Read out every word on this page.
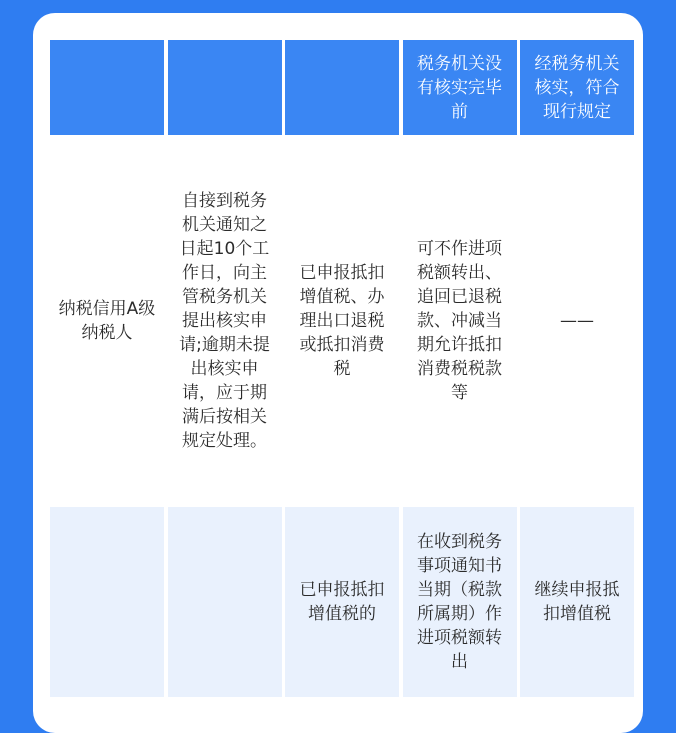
税务机关没有核实完毕前
经税务机关核实，符合现行规定
纳税信用A级纳税人
自接到税务机关通知之日起10个工作日，向主管税务机关提出核实申请;逾期未提出核实申请，应于期满后按相关规定处理。
已申报抵扣增值税、办理出口退税或抵扣消费税
可不作进项税额转出、追回已退税款、冲减当期允许抵扣消费税税款等
——
已申报抵扣增值税的
在收到税务事项通知书当期（税款所属期）作进项税额转出
继续申报抵扣增值税
